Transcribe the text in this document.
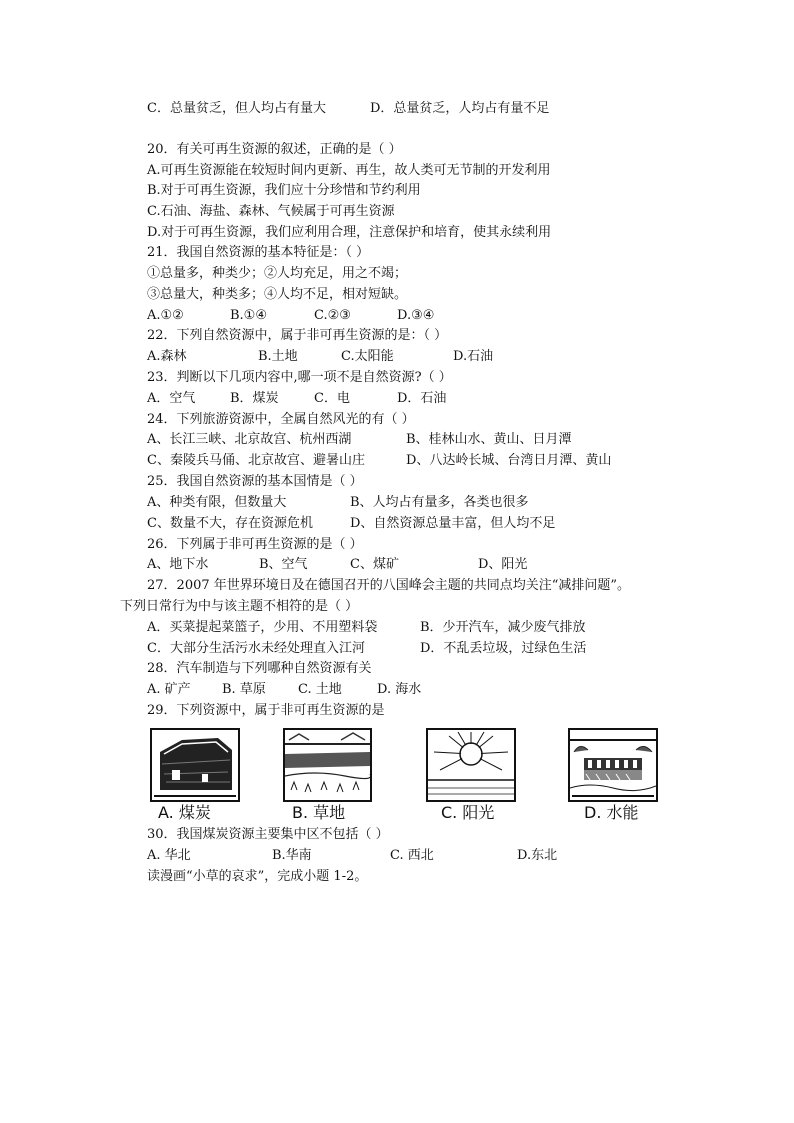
C．总量贫乏，但人均占有量大	D．总量贫乏，人均占有量不足
20．有关可再生资源的叙述，正确的是（ ）
A.可再生资源能在较短时间内更新、再生，故人类可无节制的开发利用
B.对于可再生资源，我们应十分珍惜和节约利用
C.石油、海盐、森林、气候属于可再生资源
D.对于可再生资源，我们应利用合理，注意保护和培育，使其永续利用
21．我国自然资源的基本特征是：（ ）
①总量多，种类少；②人均充足，用之不竭；
③总量大，种类多；④人均不足，相对短缺。
A.①②	B.①④	C.②③	D.③④
22．下列自然资源中，属于非可再生资源的是：（ ）
A.森林	B.土地	C.太阳能	D.石油
23．判断以下几项内容中,哪一项不是自然资源?（ ）
A．空气	B．煤炭	C．电	D．石油
24．下列旅游资源中，全属自然风光的有（ ）
A、长江三峡、北京故宫、杭州西湖	B、桂林山水、黄山、日月潭
C、秦陵兵马俑、北京故宫、避暑山庄	D、八达岭长城、台湾日月潭、黄山
25．我国自然资源的基本国情是（ ）
A、种类有限，但数量大	B、人均占有量多，各类也很多
C、数量不大，存在资源危机	D、自然资源总量丰富，但人均不足
26．下列属于非可再生资源的是（ ）
A、地下水	B、空气	C、煤矿	D、阳光
27．2007 年世界环境日及在德国召开的八国峰会主题的共同点均关注“减排问题”。
下列日常行为中与该主题不相符的是（ ）
A．买菜提起菜篮子，少用、不用塑料袋	B．少开汽车，减少废气排放
C．大部分生活污水未经处理直入江河	D．不乱丢垃圾，过绿色生活
28．汽车制造与下列哪种自然资源有关
A. 矿产 B. 草原 C. 土地	D. 海水
29．下列资源中，属于非可再生资源的是
A. 煤炭	B. 草地	C. 阳光	D. 水能
30．我国煤炭资源主要集中区不包括（ ）
A. 华北	B.华南	C. 西北	D.东北
读漫画“小草的哀求”，完成小题 1-2。
